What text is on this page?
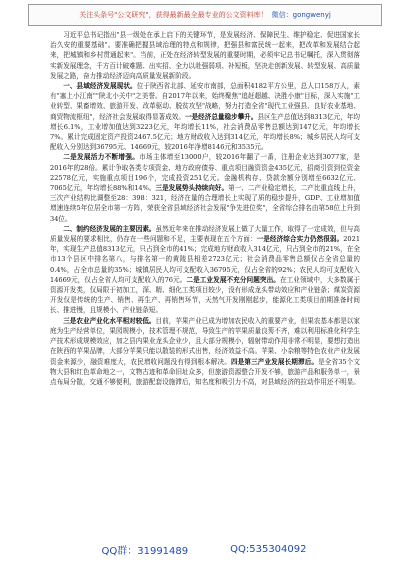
关注头条号"公文研究"，获得最新最全最专业的公文资料库！ 微信：gongwenyj

习近平总书记指出"县一级处在承上启下的关键环节，是发展经济、保障民生、维护稳定、促进国家长治久安的重要基础"。要准确把握县域治理的特点和规律，把强县和富民统一起来，把改革和发展结合起来，把城镇和乡村贯通起来"。当前，正处在经济转型发展的重要时期，必须牢记总书记嘱托，深入贯彻落实新发展理念，千方百计破难题、出实招、全力以赴强弱项、补短板，坚决走创新发展、转型发展、高质量发展之路，奋力推动经济迈向高质量发展新阶段。

一、县域经济发展现状。位于陕西省北部、延安市南部，总面积4182平方公里，总人口158万人，素有"塞上小江南""陕北小关中"之美誉。自2017年以来，始终聚焦"追赶超越、决胜小康"目标，深入实施"工业转型、果畜增效、旅游开发、改革驱动、脱贫攻坚"战略，努力打造全省"现代工业强县、良好农业基地、商贸物流枢纽"，经济社会发展取得显著成效。一是经济总量稳步攀升。县区生产总值达到8313亿元，年均增长6.1%，工业增加值达到3223亿元，年均增长11%，社会消费品零售总额达到147亿元，年均增长7%。累计完成固定资产投资2467.5亿元；地方财政收入达到314亿元，年均增长8%；城乡居民人均可支配收入分别达到36795元、14669元，较2016年净增8146元和3535元。

二是发展活力不断增强。市场主体增至13000户，较2016年翻了一番，注册企业达到3077家，是2016年的28倍。累计争取各类专项资金、地方政府债券、重点项目融资资金435亿元，招商引资到位资金22578亿元，实施重点项目196个，完成投资251亿元。金融机构存、贷款余额分别增至6632亿元、7065亿元，年均增长88%和14%。三是发展势头持续向好。第一、二产业稳定增长，二产比重直线上升，三次产业结构比调整至28：398：321，经济在量的合理增长上实现了质的稳步提升，GDP、工业增加值增速连续5年位居全市第一方阵，荣获全省县域经济社会发展"争先进位奖"，全省综合排名由第58位上升到34位。

二、制约经济发展的主要因素。虽然近年来在推动经济发展上做了大量工作，取得了一定成效，但与高质量发展的要求相比，仍存在一些问题和不足，主要表现在五个方面：一是经济综合实力仍然很弱。2021年，实现生产总值8313亿元，只占到全市的41%；完成地方财政收入314亿元，只占到全市的21%，在全市13个县区中排名第八，与排名第一的黄陵县相差2723亿元；社会消费品零售总额仅占全省总量的0.4%，占全市总量的35%；城镇居民人均可支配收入36795元，仅占全省的92%；农民人均可支配收入14669元，仅占全省人均可支配收入的76元。二是工业发展不充分问题突出。在工业领域中，大多数属于资源开发类，仅局限于初加工，深、精、细化工类项目较少，没有形成龙头带动效应和产业链条；煤炭资源开发仅是传统的生产、销售、再生产、再销售环节，天然气开发刚刚起步，能源化工类项目前期准备时间长、推进慢，且规模小、产业链条短。

三是农业产业化水平相对较低。目前，苹果产业已成为增加农民收入的重要产业，但果农基本都是以家庭为生产经营单位，果园规模小，技术管理不规范，导致生产的苹果质量良莠不齐，难以利用标准化科学生产技术形成规模效应，加之县内果业龙头企业少，且大部分规模小，辐射带动作用非常不明显，要想打造出在陕西的苹果品牌，大部分苹果只能以散装的形式出售，经济效益不高。苹果、小杂粮等特色农业产业发展资金来源少，融资难度大，农民增收问题没有得到根本解决。四是第三产业发展长期滞后。是全省35个文物大县和红色革命地之一，文物古迹和革命旧址众多，但旅游资源整合开发不够，旅游产品和服务单一，景点布局分散，交通不够便利，旅游配套设施滞后，知名度和吸引力不高，对县域经济的拉动作用还不明显。

QQ群：31991489	QQ:535304092
